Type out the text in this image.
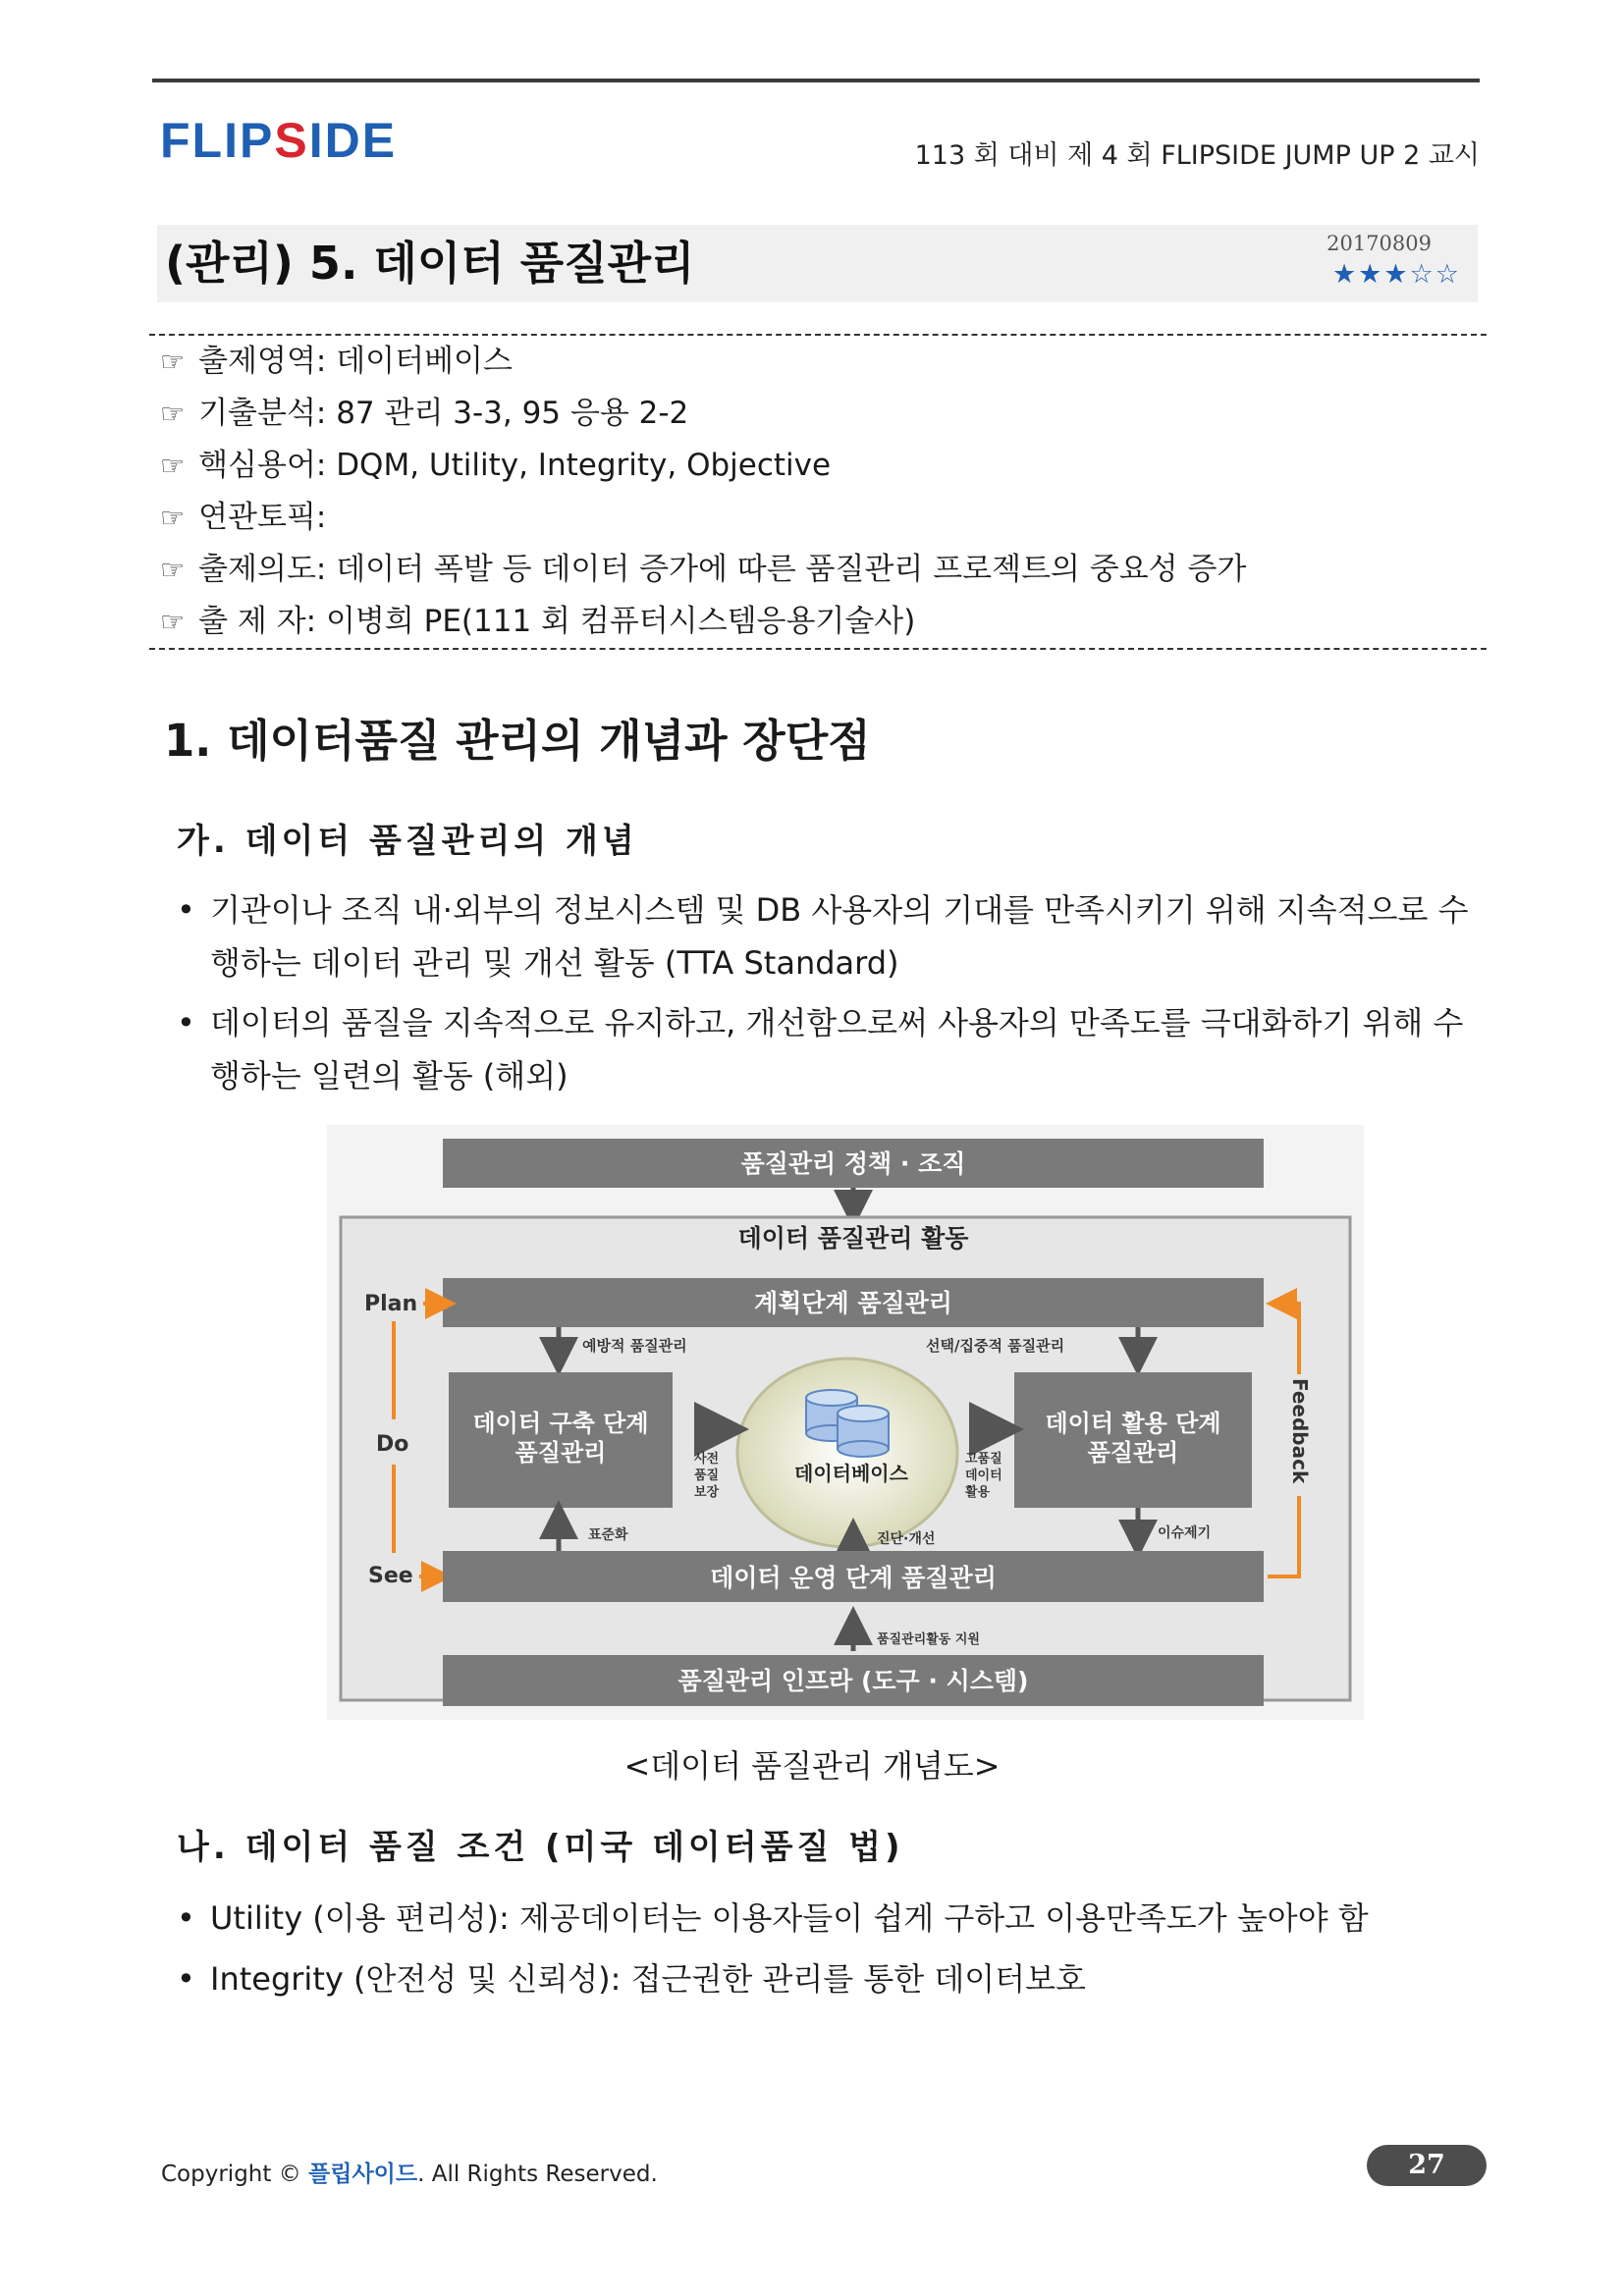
FLIPSIDE	113 회 대비 제 4 회 FLIPSIDE JUMP UP 2 교시
(관리) 5. 데이터 품질관리	20170809
★★★☆☆
☞ 출제영역: 데이터베이스
☞ 기출분석: 87 관리 3-3, 95 응용 2-2
☞ 핵심용어: DQM, Utility, Integrity, Objective
☞ 연관토픽:
☞ 출제의도: 데이터 폭발 등 데이터 증가에 따른 품질관리 프로젝트의 중요성 증가
☞ 출 제 자: 이병희 PE(111 회 컴퓨터시스템응용기술사)
1. 데이터품질 관리의 개념과 장단점
가. 데이터 품질관리의 개념
• 기관이나 조직 내·외부의 정보시스템 및 DB 사용자의 기대를 만족시키기 위해 지속적으로 수행하는 데이터 관리 및 개선 활동 (TTA Standard)
• 데이터의 품질을 지속적으로 유지하고, 개선함으로써 사용자의 만족도를 극대화하기 위해 수행하는 일련의 활동 (해외)
품질관리 정책 · 조직
데이터 품질관리 활동
계획단계 품질관리
Plan
Do
See
예방적 품질관리	선택/집중적 품질관리
데이터 구축 단계
품질관리
데이터 활용 단계
품질관리
데이터베이스
사전
품질
보장
고품질
데이터
활용
표준화	진단·개선	이슈제기
데이터 운영 단계 품질관리
Feedback
품질관리활동 지원
품질관리 인프라 (도구 · 시스템)
<데이터 품질관리 개념도>
나. 데이터 품질 조건 (미국 데이터품질 법)
• Utility (이용 편리성): 제공데이터는 이용자들이 쉽게 구하고 이용만족도가 높아야 함
• Integrity (안전성 및 신뢰성): 접근권한 관리를 통한 데이터보호
Copyright © 플립사이드. All Rights Reserved.	27
